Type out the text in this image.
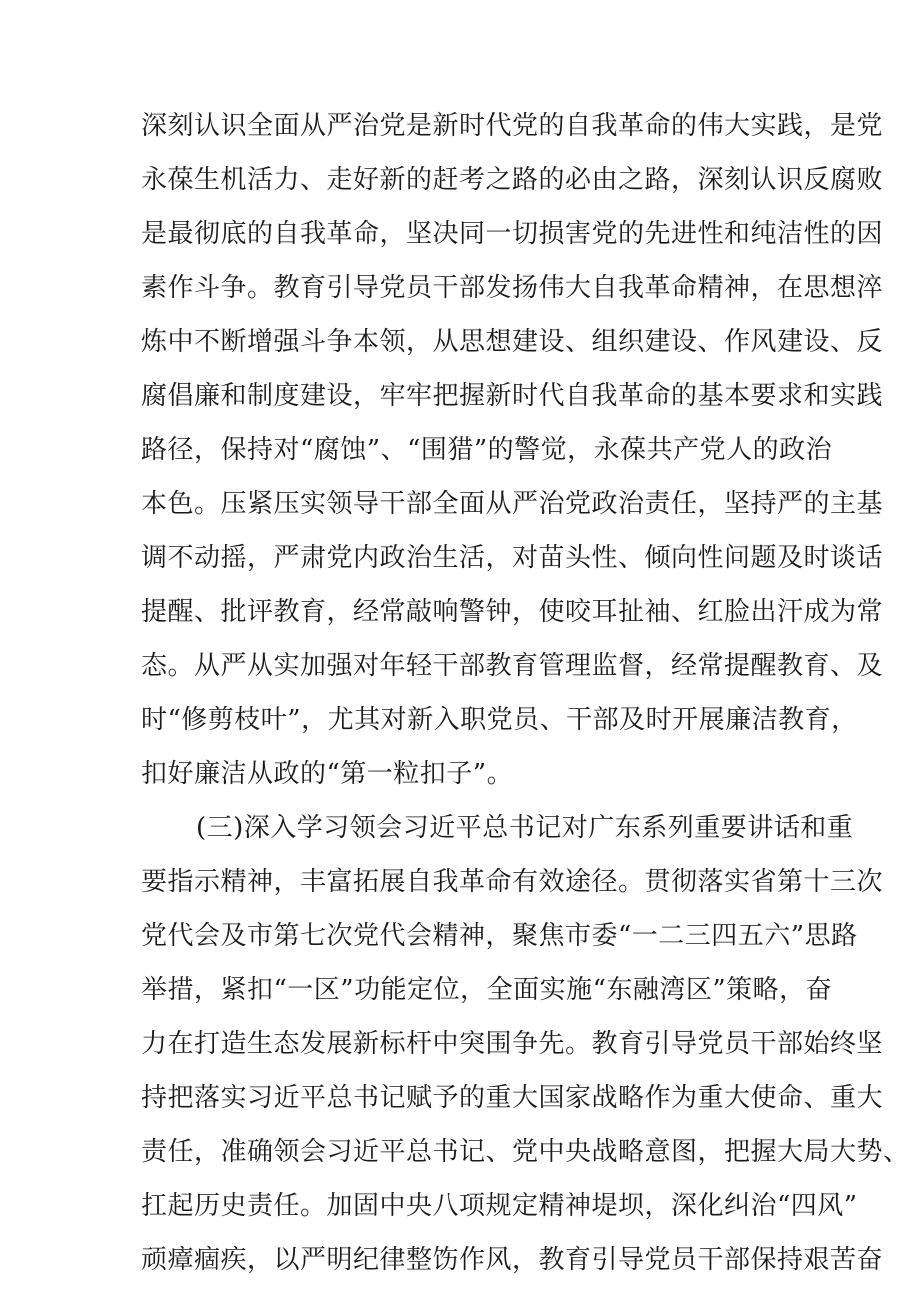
深刻认识全面从严治党是新时代党的自我革命的伟大实践，是党
永葆生机活力、走好新的赶考之路的必由之路，深刻认识反腐败
是最彻底的自我革命，坚决同一切损害党的先进性和纯洁性的因
素作斗争。教育引导党员干部发扬伟大自我革命精神，在思想淬
炼中不断增强斗争本领，从思想建设、组织建设、作风建设、反
腐倡廉和制度建设，牢牢把握新时代自我革命的基本要求和实践
路径，保持对“腐蚀”、“围猎”的警觉，永葆共产党人的政治
本色。压紧压实领导干部全面从严治党政治责任，坚持严的主基
调不动摇，严肃党内政治生活，对苗头性、倾向性问题及时谈话
提醒、批评教育，经常敲响警钟，使咬耳扯袖、红脸出汗成为常
态。从严从实加强对年轻干部教育管理监督，经常提醒教育、及
时“修剪枝叶”，尤其对新入职党员、干部及时开展廉洁教育，
扣好廉洁从政的“第一粒扣子”。
(三)深入学习领会习近平总书记对广东系列重要讲话和重
要指示精神，丰富拓展自我革命有效途径。贯彻落实省第十三次
党代会及市第七次党代会精神，聚焦市委“一二三四五六”思路
举措，紧扣“一区”功能定位，全面实施“东融湾区”策略，奋
力在打造生态发展新标杆中突围争先。教育引导党员干部始终坚
持把落实习近平总书记赋予的重大国家战略作为重大使命、重大
责任，准确领会习近平总书记、党中央战略意图，把握大局大势、
扛起历史责任。加固中央八项规定精神堤坝，深化纠治“四风”
顽瘴痼疾，以严明纪律整饬作风，教育引导党员干部保持艰苦奋
